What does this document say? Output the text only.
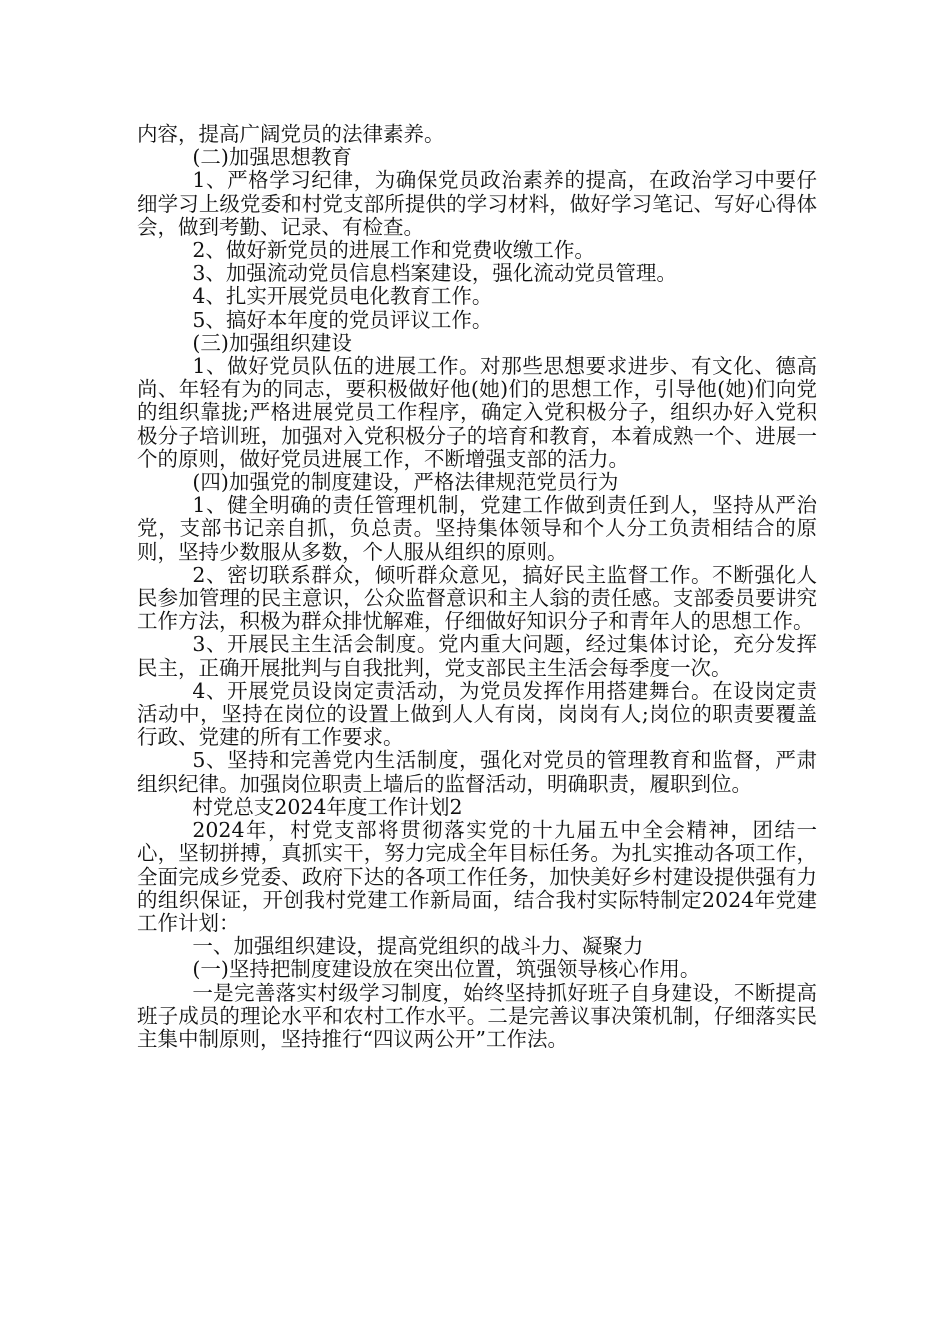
内容，提高广阔党员的法律素养。

(二)加强思想教育

1、严格学习纪律，为确保党员政治素养的提高，在政治学习中要仔细学习上级党委和村党支部所提供的学习材料，做好学习笔记、写好心得体会，做到考勤、记录、有检查。

2、做好新党员的进展工作和党费收缴工作。

3、加强流动党员信息档案建设，强化流动党员管理。

4、扎实开展党员电化教育工作。

5、搞好本年度的党员评议工作。

(三)加强组织建设

1、做好党员队伍的进展工作。对那些思想要求进步、有文化、德高尚、年轻有为的同志，要积极做好他(她)们的思想工作，引导他(她)们向党的组织靠拢;严格进展党员工作程序，确定入党积极分子，组织办好入党积极分子培训班，加强对入党积极分子的培育和教育，本着成熟一个、进展一个的原则，做好党员进展工作，不断增强支部的活力。

(四)加强党的制度建设，严格法律规范党员行为

1、健全明确的责任管理机制，党建工作做到责任到人，坚持从严治党，支部书记亲自抓，负总责。坚持集体领导和个人分工负责相结合的原则，坚持少数服从多数，个人服从组织的原则。

2、密切联系群众，倾听群众意见，搞好民主监督工作。不断强化人民参加管理的民主意识，公众监督意识和主人翁的责任感。支部委员要讲究工作方法，积极为群众排忧解难，仔细做好知识分子和青年人的思想工作。

3、开展民主生活会制度。党内重大问题，经过集体讨论，充分发挥民主，正确开展批判与自我批判，党支部民主生活会每季度一次。

4、开展党员设岗定责活动，为党员发挥作用搭建舞台。在设岗定责活动中，坚持在岗位的设置上做到人人有岗，岗岗有人;岗位的职责要覆盖行政、党建的所有工作要求。

5、坚持和完善党内生活制度，强化对党员的管理教育和监督，严肃组织纪律。加强岗位职责上墙后的监督活动，明确职责，履职到位。

村党总支2024年度工作计划2

2024年，村党支部将贯彻落实党的十九届五中全会精神，团结一心，坚韧拼搏，真抓实干，努力完成全年目标任务。为扎实推动各项工作，全面完成乡党委、政府下达的各项工作任务，加快美好乡村建设提供强有力的组织保证，开创我村党建工作新局面，结合我村实际特制定2024年党建工作计划：

一、加强组织建设，提高党组织的战斗力、凝聚力

(一)坚持把制度建设放在突出位置，筑强领导核心作用。

一是完善落实村级学习制度，始终坚持抓好班子自身建设，不断提高班子成员的理论水平和农村工作水平。二是完善议事决策机制，仔细落实民主集中制原则，坚持推行“四议两公开”工作法。
